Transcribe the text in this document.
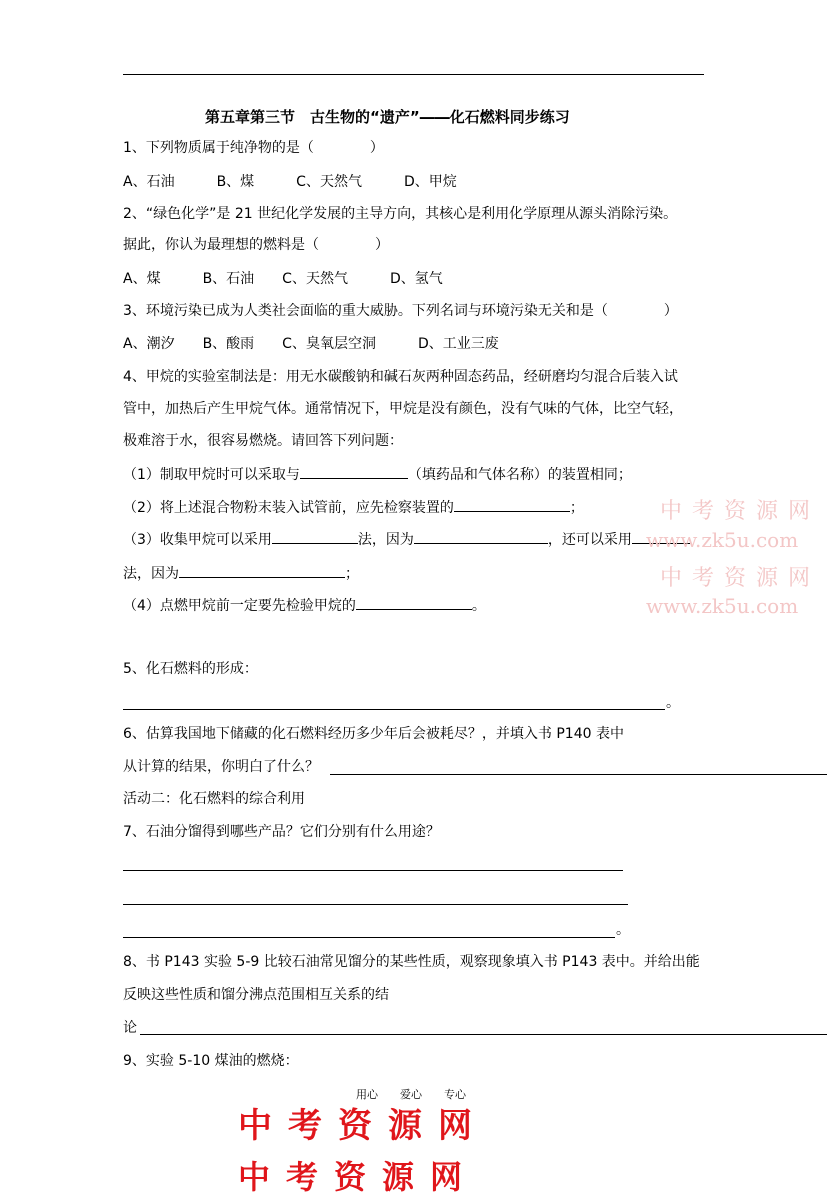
第五章第三节　古生物的“遗产”――化石燃料同步练习
1、下列物质属于纯净物的是（　　　　）
A、石油　　　B、煤　　　C、天然气　　　D、甲烷
2、“绿色化学”是 21 世纪化学发展的主导方向，其核心是利用化学原理从源头消除污染。
据此，你认为最理想的燃料是（　　　　）
A、煤　　　B、石油　　C、天然气　　　D、氢气
3、环境污染已成为人类社会面临的重大威胁。下列名词与环境污染无关和是（　　　　）
A、潮汐　　B、酸雨　　C、臭氧层空洞　　　D、工业三废
4、甲烷的实验室制法是：用无水碳酸钠和碱石灰两种固态药品，经研磨均匀混合后装入试
管中，加热后产生甲烷气体。通常情况下，甲烷是没有颜色，没有气味的气体，比空气轻，
极难溶于水，很容易燃烧。请回答下列问题：
（1）制取甲烷时可以采取与	（填药品和气体名称）的装置相同；
（2）将上述混合物粉末装入试管前，应先检察装置的	；
（3）收集甲烷可以采用	法，因为	，还可以采用
法，因为	；
（4）点燃甲烷前一定要先检验甲烷的	。
中考资源网
www.zk5u.com
中考资源网
www.zk5u.com
5、化石燃料的形成：
。
6、估算我国地下储藏的化石燃料经历多少年后会被耗尽？，并填入书 P140 表中
从计算的结果，你明白了什么？
活动二：化石燃料的综合利用
7、石油分馏得到哪些产品？它们分别有什么用途？
。
8、书 P143 实验 5-9 比较石油常见馏分的某些性质，观察现象填入书 P143 表中。并给出能
反映这些性质和馏分沸点范围相互关系的结
论
9、实验 5-10 煤油的燃烧：
用心　　爱心　　专心
中考资源网
中考资源网
